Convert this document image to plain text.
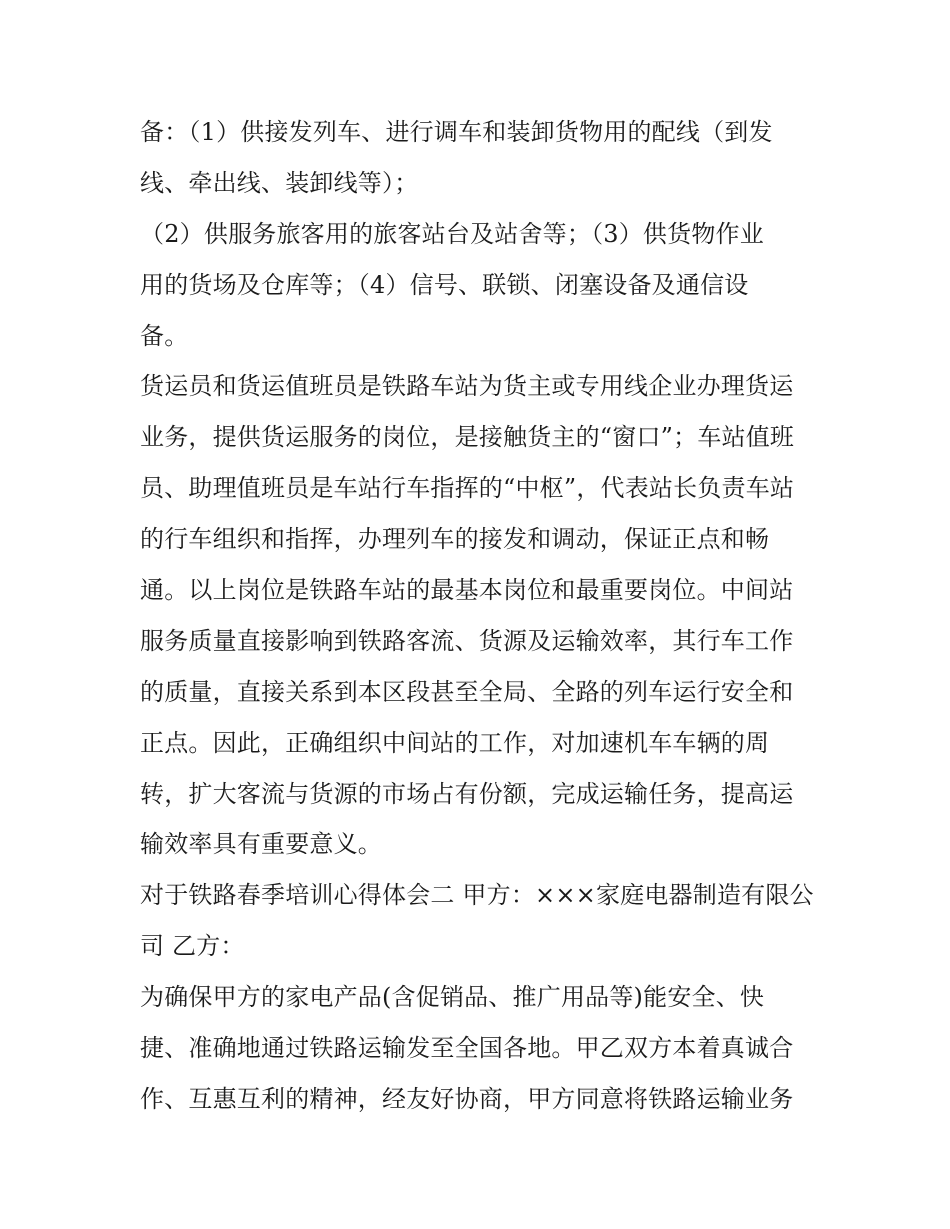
备：（1）供接发列车、进行调车和装卸货物用的配线（到发
线、牵出线、装卸线等）；
（2）供服务旅客用的旅客站台及站舍等；（3）供货物作业
用的货场及仓库等；（4）信号、联锁、闭塞设备及通信设
备。
货运员和货运值班员是铁路车站为货主或专用线企业办理货运
业务，提供货运服务的岗位，是接触货主的“窗口”；车站值班
员、助理值班员是车站行车指挥的“中枢”，代表站长负责车站
的行车组织和指挥，办理列车的接发和调动，保证正点和畅
通。以上岗位是铁路车站的最基本岗位和最重要岗位。中间站
服务质量直接影响到铁路客流、货源及运输效率，其行车工作
的质量，直接关系到本区段甚至全局、全路的列车运行安全和
正点。因此，正确组织中间站的工作，对加速机车车辆的周
转，扩大客流与货源的市场占有份额，完成运输任务，提高运
输效率具有重要意义。
对于铁路春季培训心得体会二 甲方：×××家庭电器制造有限公
司 乙方：
为确保甲方的家电产品(含促销品、推广用品等)能安全、快
捷、准确地通过铁路运输发至全国各地。甲乙双方本着真诚合
作、互惠互利的精神，经友好协商，甲方同意将铁路运输业务
